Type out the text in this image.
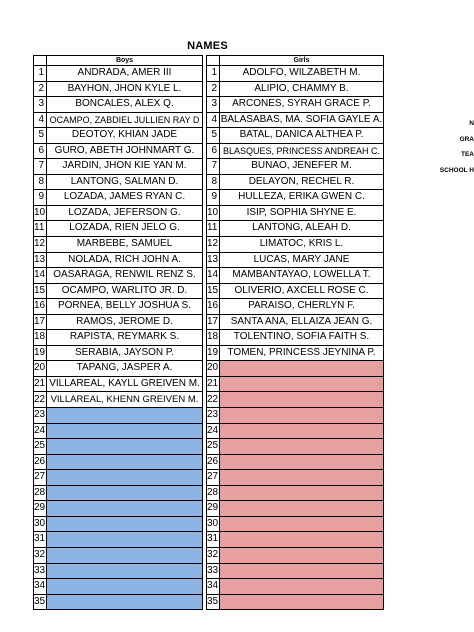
NAMES
	Boys
1	ANDRADA, AMER III
2	BAYHON, JHON KYLE L.
3	BONCALES, ALEX Q.
4	OCAMPO, ZABDIEL JULLIEN RAY D
5	DEOTOY, KHIAN JADE
6	GURO, ABETH JOHNMART G.
7	JARDIN, JHON KIE YAN M.
8	LANTONG, SALMAN D.
9	LOZADA, JAMES RYAN C.
10	LOZADA, JEFERSON G.
11	LOZADA, RIEN JELO G.
12	MARBEBE, SAMUEL
13	NOLADA, RICH JOHN A.
14	OASARAGA, RENWIL RENZ S.
15	OCAMPO, WARLITO JR. D.
16	PORNEA, BELLY JOSHUA S.
17	RAMOS, JEROME D.
18	RAPISTA, REYMARK S.
19	SERABIA, JAYSON P.
20	TAPANG, JASPER A.
21	VILLAREAL, KAYLL GREIVEN M.
22	VILLAREAL, KHENN GREIVEN M.
23	
24	
25	
26	
27	
28	
29	
30	
31	
32	
33	
34	
35	
	Girls
1	ADOLFO, WILZABETH M.
2	ALIPIO, CHAMMY B.
3	ARCONES, SYRAH GRACE P.
4	BALASABAS, MA. SOFIA GAYLE A.
5	BATAL, DANICA ALTHEA P.
6	BLASQUES, PRINCESS ANDREAH C.
7	BUNAO, JENEFER M.
8	DELAYON, RECHEL R.
9	HULLEZA, ERIKA GWEN C.
10	ISIP, SOPHIA SHYNE E.
11	LANTONG, ALEAH D.
12	LIMATOC, KRIS L.
13	LUCAS, MARY JANE
14	MAMBANTAYAO, LOWELLA T.
15	OLIVERIO, AXCELL ROSE C.
16	PARAISO, CHERLYN F.
17	SANTA ANA, ELLAIZA JEAN G.
18	TOLENTINO, SOFIA FAITH S.
19	TOMEN, PRINCESS JEYNINA P.
20	
21	
22	
23	
24	
25	
26	
27	
28	
29	
30	
31	
32	
33	
34	
35	
N
GRA
TEA
SCHOOL H
